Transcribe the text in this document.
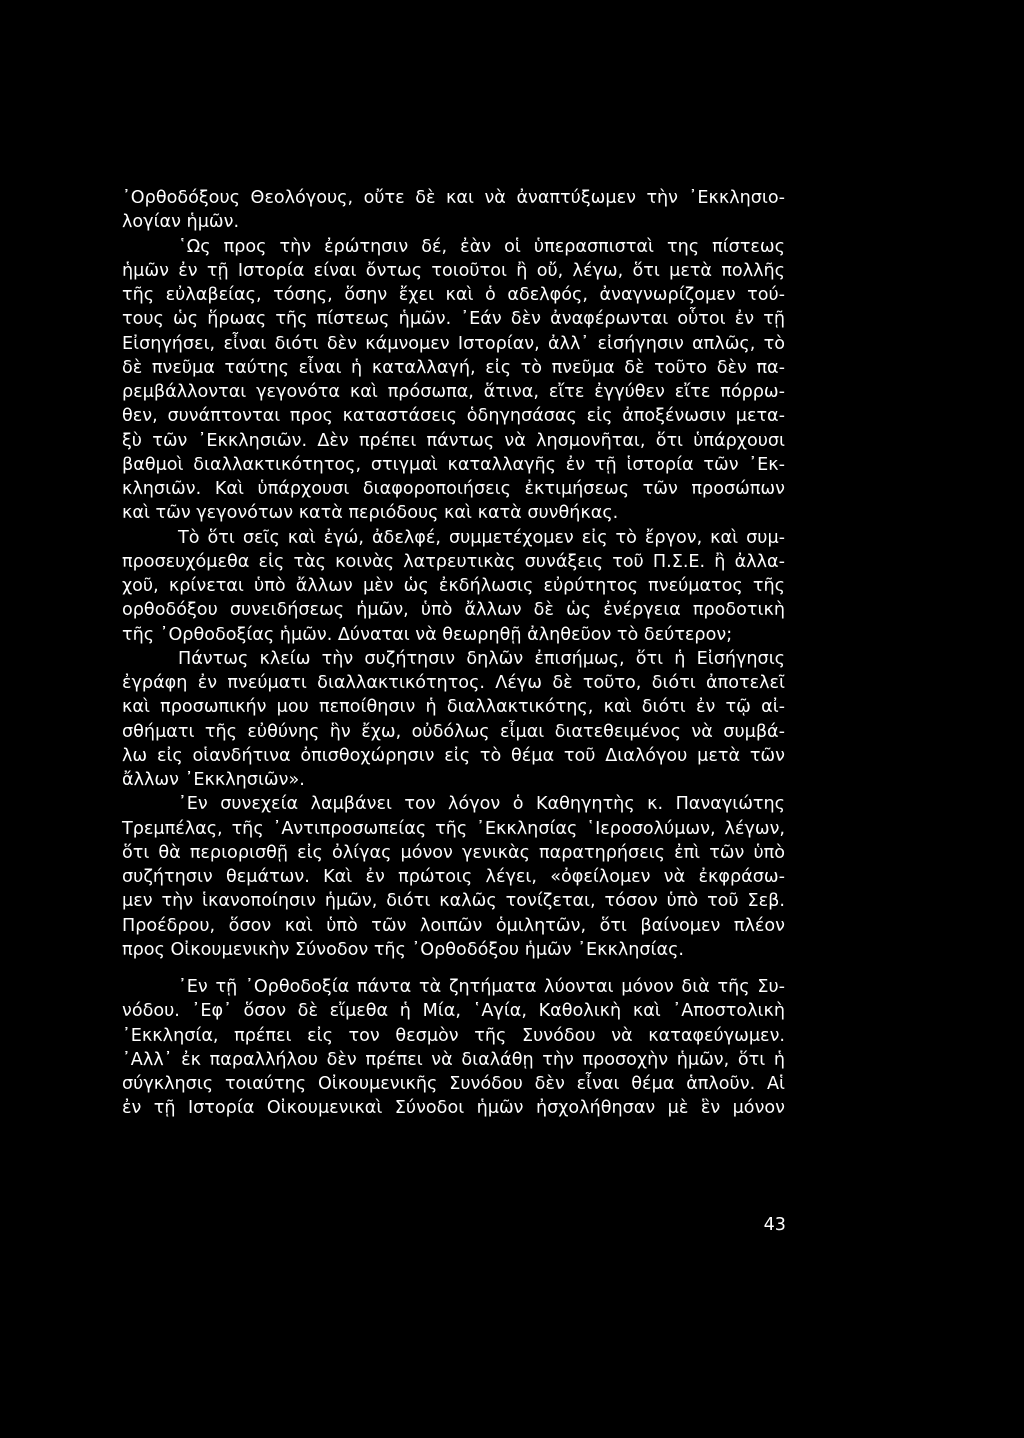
᾿Ορθοδόξους Θεολόγους, οὔτε δὲ και νὰ ἀναπτύξωμεν τὴν ᾿Εκκλησιο-
λογίαν ἡμῶν.
῾Ως προς τὴν ἐρώτησιν δέ, ἐὰν οἱ ὑπερασπισταὶ της πίστεως
ἡμῶν ἐν τῇ Ιστορία είναι ὄντως τοιοῦτοι ἢ οὔ, λέγω, ὅτι μετὰ πολλῆς
τῆς εὐλαβείας, τόσης, ὅσην ἔχει καὶ ὁ αδελφός, ἀναγνωρίζομεν τού-
τους ὡς ἥρωας τῆς πίστεως ἡμῶν. ᾿Εάν δὲν ἀναφέρωνται οὗτοι ἐν τῇ
Εἰσηγήσει, εἶναι διότι δὲν κάμνομεν Ιστορίαν, ἀλλ᾿ εἰσήγησιν απλῶς, τὸ
δὲ πνεῦμα ταύτης εἶναι ἡ καταλλαγή, εἰς τὸ πνεῦμα δὲ τοῦτο δὲν πα-
ρεμβάλλονται γεγονότα καὶ πρόσωπα, ἅτινα, εἴτε ἐγγύθεν εἴτε πόρρω-
θεν, συνάπτονται προς καταστάσεις ὁδηγησάσας εἰς ἀποξένωσιν μετα-
ξὺ τῶν ᾿Εκκλησιῶν. Δὲν πρέπει πάντως νὰ λησμονῆται, ὅτι ὑπάρχουσι
βαθμοὶ διαλλακτικότητος, στιγμαὶ καταλλαγῆς ἐν τῇ ἱστορία τῶν ᾿Εκ-
κλησιῶν. Καὶ ὑπάρχουσι διαφοροποιήσεις ἐκτιμήσεως τῶν προσώπων
καὶ τῶν γεγονότων κατὰ περιόδους καὶ κατὰ συνθήκας.
Τὸ ὅτι σεῖς καὶ ἐγώ, ἀδελφέ, συμμετέχομεν εἰς τὸ ἔργον, καὶ συμ-
προσευχόμεθα εἰς τὰς κοινὰς λατρευτικὰς συνάξεις τοῦ Π.Σ.Ε. ἢ ἀλλα-
χοῦ, κρίνεται ὑπὸ ἄλλων μὲν ὡς ἐκδήλωσις εὐρύτητος πνεύματος τῆς
ορθοδόξου συνειδήσεως ἡμῶν, ὑπὸ ἄλλων δὲ ὡς ἐνέργεια προδοτικὴ
τῆς ᾿Ορθοδοξίας ἡμῶν. Δύναται νὰ θεωρηθῇ ἀληθεῦον τὸ δεύτερον;
Πάντως κλείω τὴν συζήτησιν δηλῶν ἐπισήμως, ὅτι ἡ Εἰσήγησις
ἐγράφη ἐν πνεύματι διαλλακτικότητος. Λέγω δὲ τοῦτο, διότι ἀποτελεῖ
καὶ προσωπικήν μου πεποίθησιν ἡ διαλλακτικότης, καὶ διότι ἐν τῷ αἰ-
σθήματι τῆς εὐθύνης ἣν ἔχω, οὐδόλως εἶμαι διατεθειμένος νὰ συμβά-
λω εἰς οἱανδήτινα ὀπισθοχώρησιν εἰς τὸ θέμα τοῦ Διαλόγου μετὰ τῶν
ἄλλων ᾿Εκκλησιῶν».
᾿Εν συνεχεία λαμβάνει τον λόγον ὁ Καθηγητὴς κ. Παναγιώτης
Τρεμπέλας, τῆς ᾿Αντιπροσωπείας τῆς ᾿Εκκλησίας ῾Ιεροσολύμων, λέγων,
ὅτι θὰ περιορισθῇ εἰς ὀλίγας μόνον γενικὰς παρατηρήσεις ἐπὶ τῶν ὑπὸ
συζήτησιν θεμάτων. Καὶ ἐν πρώτοις λέγει, «ὀφείλομεν νὰ ἐκφράσω-
μεν τὴν ἱκανοποίησιν ἡμῶν, διότι καλῶς τονίζεται, τόσον ὑπὸ τοῦ Σεβ.
Προέδρου, ὅσον καὶ ὑπὸ τῶν λοιπῶν ὁμιλητῶν, ὅτι βαίνομεν πλέον
προς Οἰκουμενικὴν Σύνοδον τῆς ᾿Ορθοδόξου ἡμῶν ᾿Εκκλησίας.
᾿Εν τῇ ᾿Ορθοδοξία πάντα τὰ ζητήματα λύονται μόνον διὰ τῆς Συ-
νόδου. ᾿Εφ᾿ ὅσον δὲ εἴμεθα ἡ Μία, ῾Αγία, Καθολικὴ καὶ ᾿Αποστολικὴ
᾿Εκκλησία, πρέπει εἰς τον θεσμὸν τῆς Συνόδου νὰ καταφεύγωμεν.
᾿Αλλ᾿ ἐκ παραλλήλου δὲν πρέπει νὰ διαλάθῃ τὴν προσοχὴν ἡμῶν, ὅτι ἡ
σύγκλησις τοιαύτης Οἰκουμενικῆς Συνόδου δὲν εἶναι θέμα ἁπλοῦν. Αἱ
ἐν τῇ Ιστορία Οἰκουμενικαὶ Σύνοδοι ἡμῶν ἠσχολήθησαν μὲ ἓν μόνον
43
